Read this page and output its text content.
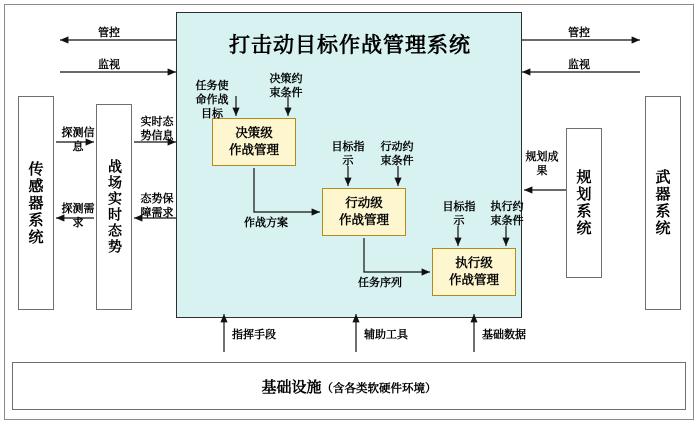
传感器系统	战场实时态势	武器系统
规划系统
打击动目标作战管理系统
决策级
作战管理
行动级
作战管理
执行级
作战管理
基础设施（含各类软硬件环境）
管控
监视
管控
监视
探测信息
探测需求
实时态势信息
态势保障需求
规划成果
任务使命作战目标
决策约束条件
目标指示
行动约束条件
作战方案
目标指示
执行约束条件
任务序列
指挥手段	辅助工具	基础数据
